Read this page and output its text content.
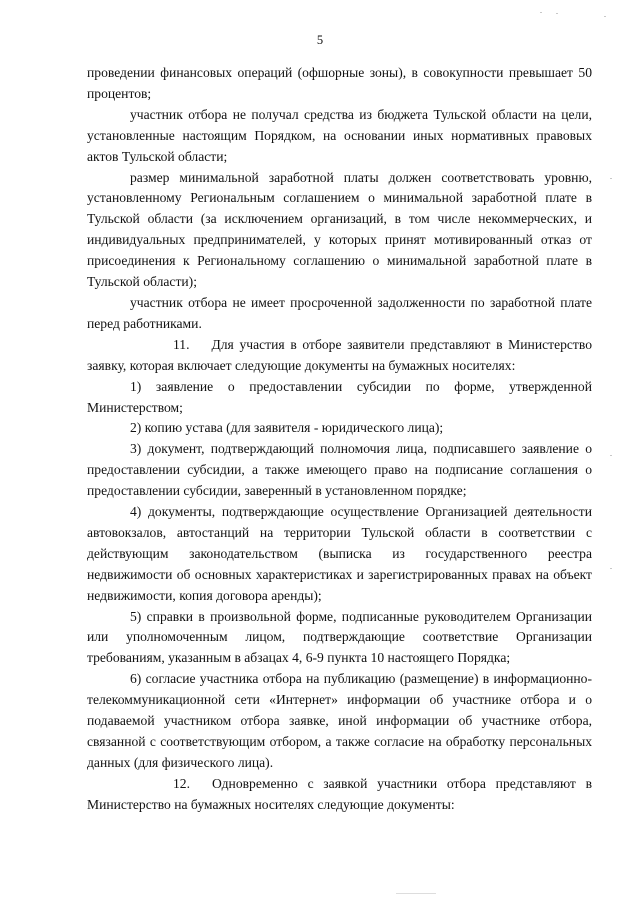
5

проведении финансовых операций (офшорные зоны), в совокупности превышает 50 процентов;

участник отбора не получал средства из бюджета Тульской области на цели, установленные настоящим Порядком, на основании иных нормативных правовых актов Тульской области;

размер минимальной заработной платы должен соответствовать уровню, установленному Региональным соглашением о минимальной заработной плате в Тульской области (за исключением организаций, в том числе некоммерческих, и индивидуальных предпринимателей, у которых принят мотивированный отказ от присоединения к Региональному соглашению о минимальной заработной плате в Тульской области);

участник отбора не имеет просроченной задолженности по заработной плате перед работниками.

11. Для участия в отборе заявители представляют в Министерство заявку, которая включает следующие документы на бумажных носителях:

1) заявление о предоставлении субсидии по форме, утвержденной Министерством;

2) копию устава (для заявителя - юридического лица);

3) документ, подтверждающий полномочия лица, подписавшего заявление о предоставлении субсидии, а также имеющего право на подписание соглашения о предоставлении субсидии, заверенный в установленном порядке;

4) документы, подтверждающие осуществление Организацией деятельности автовокзалов, автостанций на территории Тульской области в соответствии с действующим законодательством (выписка из государственного реестра недвижимости об основных характеристиках и зарегистрированных правах на объект недвижимости, копия договора аренды);

5) справки в произвольной форме, подписанные руководителем Организации или уполномоченным лицом, подтверждающие соответствие Организации требованиям, указанным в абзацах 4, 6-9 пункта 10 настоящего Порядка;

6) согласие участника отбора на публикацию (размещение) в информационно-телекоммуникационной сети «Интернет» информации об участнике отбора и о подаваемой участником отбора заявке, иной информации об участнике отбора, связанной с соответствующим отбором, а также согласие на обработку персональных данных (для физического лица).

12. Одновременно с заявкой участники отбора представляют в Министерство на бумажных носителях следующие документы:
